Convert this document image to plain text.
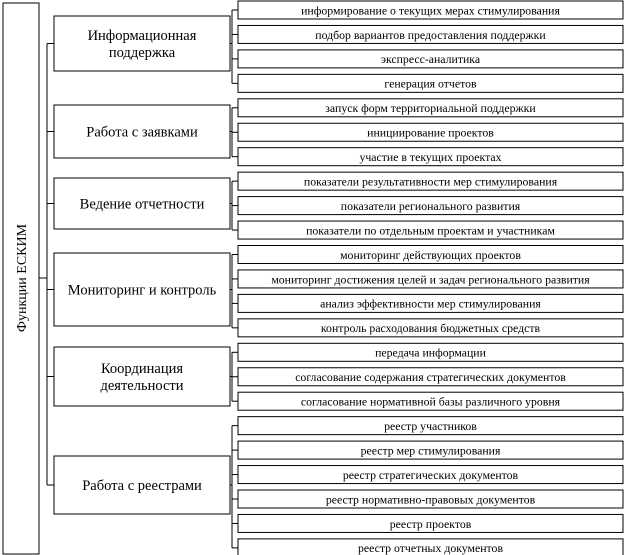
Функции ЕСКИМ
Информационная
поддержка
Работа с заявками
Ведение отчетности
Мониторинг и контроль
Координация
деятельности
Работа с реестрами
информирование о текущих мерах стимулирования
подбор вариантов предоставления поддержки
экспресс-аналитика
генерация отчетов
запуск форм территориальной поддержки
инициирование проектов
участие в текущих проектах
показатели результативности мер стимулирования
показатели регионального развития
показатели по отдельным проектам и участникам
мониторинг действующих проектов
мониторинг достижения целей и задач регионального развития
анализ эффективности мер стимулирования
контроль расходования бюджетных средств
передача информации
согласование содержания стратегических документов
согласование нормативной базы различного уровня
реестр участников
реестр мер стимулирования
реестр стратегических документов
реестр нормативно-правовых документов
реестр проектов
реестр отчетных документов
